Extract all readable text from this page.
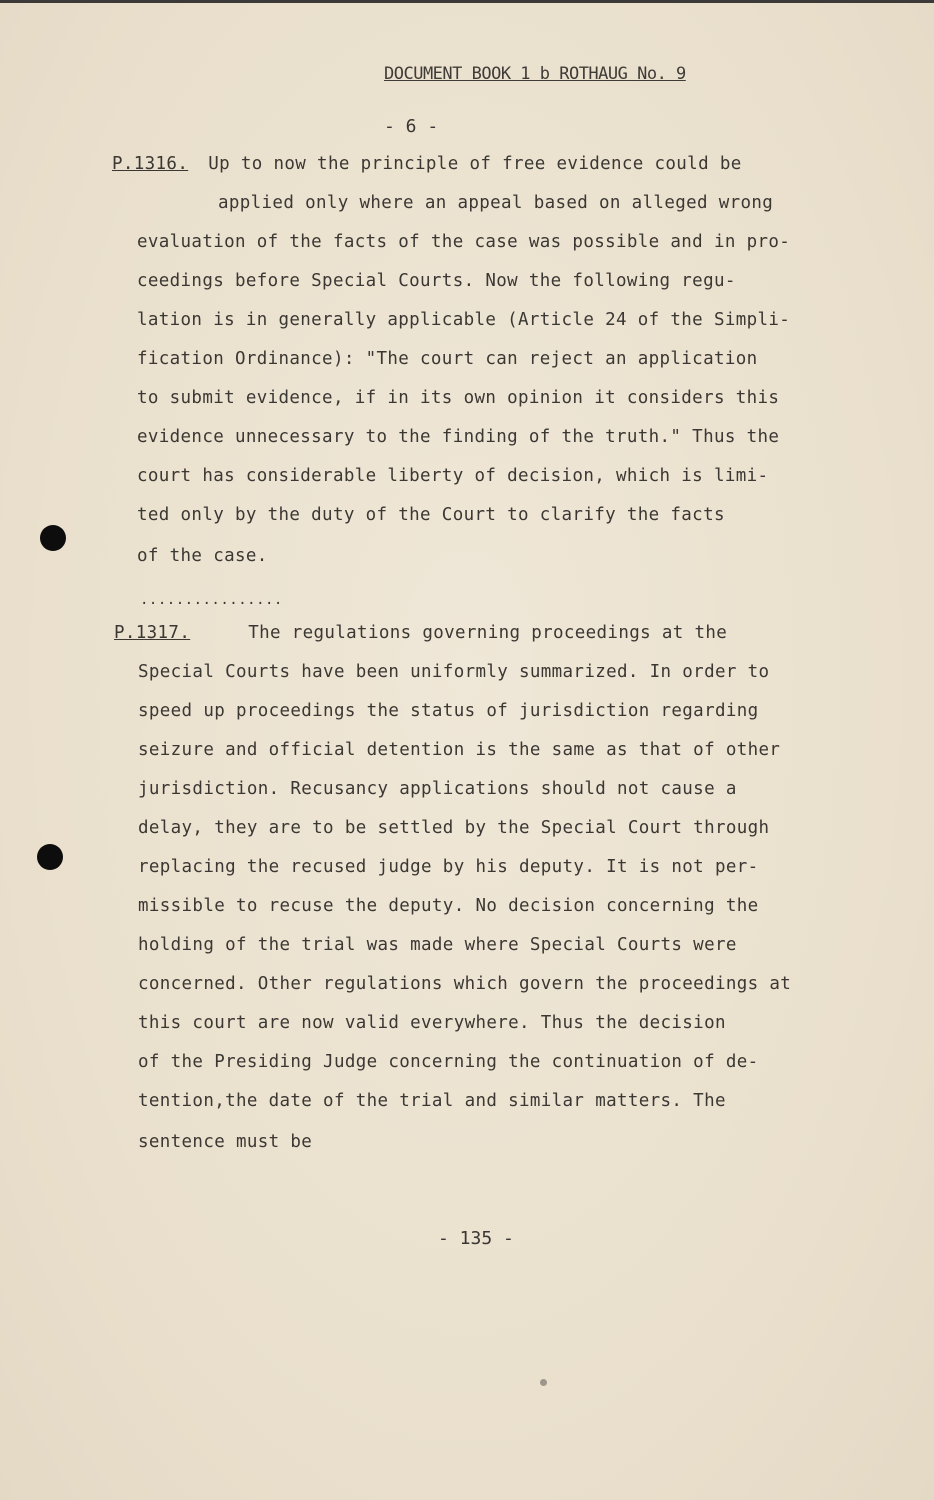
DOCUMENT BOOK 1 b ROTHAUG No. 9
- 6 -
P.1316. Up to now the principle of free evidence could be
applied only where an appeal based on alleged wrong
evaluation of the facts of the case was possible and in pro-
ceedings before Special Courts. Now the following regu-
lation is in generally applicable (Article 24 of the Simpli-
fication Ordinance): "The court can reject an application
to submit evidence, if in its own opinion it considers this
evidence unnecessary to the finding of the truth." Thus the
court has considerable liberty of decision, which is limi-
ted only by the duty of the Court to clarify the facts
of the case.
................
P.1317.	The regulations governing proceedings at the
Special Courts have been uniformly summarized. In order to
speed up proceedings the status of jurisdiction regarding
seizure and official detention is the same as that of other
jurisdiction. Recusancy applications should not cause a
delay, they are to be settled by the Special Court through
replacing the recused judge by his deputy. It is not per-
missible to recuse the deputy. No decision concerning the
holding of the trial was made where Special Courts were
concerned. Other regulations which govern the proceedings at
this court are now valid everywhere. Thus the decision
of the Presiding Judge concerning the continuation of de-
tention,the date of the trial and similar matters. The
sentence must be
- 135 -
